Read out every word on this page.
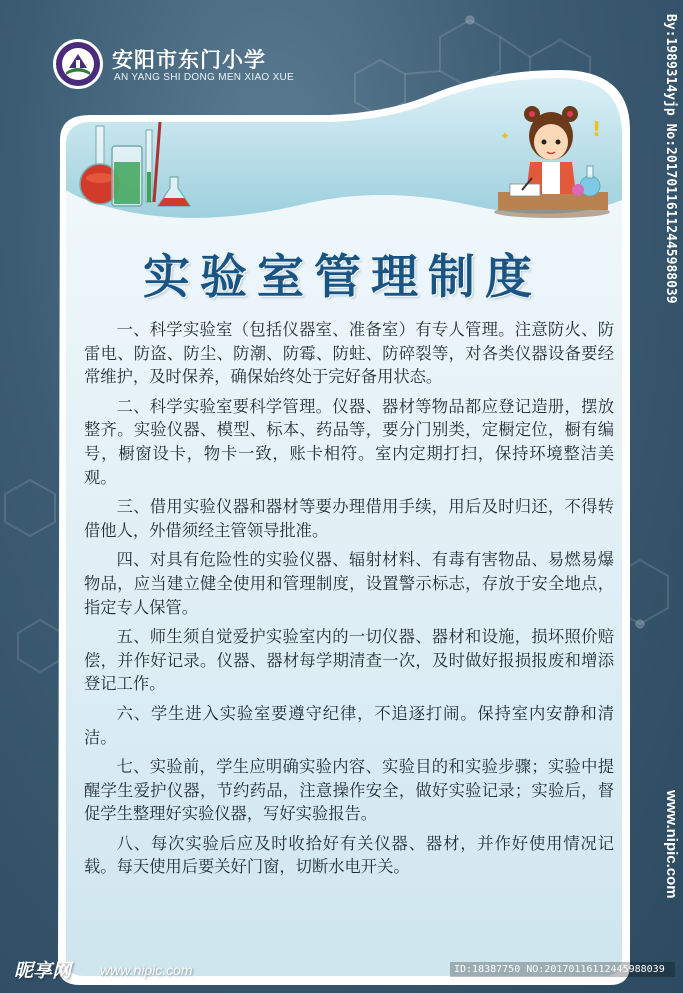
安阳市东门小学
AN YANG SHI DONG MEN XIAO XUE
!
✦
实验室管理制度

一、科学实验室（包括仪器室、准备室）有专人管理。注意防火、防雷电、防盗、防尘、防潮、防霉、防蛀、防碎裂等，对各类仪器设备要经常维护，及时保养，确保始终处于完好备用状态。

二、科学实验室要科学管理。仪器、器材等物品都应登记造册，摆放整齐。实验仪器、模型、标本、药品等，要分门别类，定橱定位，橱有编号，橱窗设卡，物卡一致，账卡相符。室内定期打扫，保持环境整洁美观。

三、借用实验仪器和器材等要办理借用手续，用后及时归还，不得转借他人，外借须经主管领导批准。

四、对具有危险性的实验仪器、辐射材料、有毒有害物品、易燃易爆物品，应当建立健全使用和管理制度，设置警示标志，存放于安全地点，指定专人保管。

五、师生须自觉爱护实验室内的一切仪器、器材和设施，损坏照价赔偿，并作好记录。仪器、器材每学期清查一次，及时做好报损报废和增添登记工作。

六、学生进入实验室要遵守纪律，不追逐打闹。保持室内安静和清洁。

七、实验前，学生应明确实验内容、实验目的和实验步骤；实验中提醒学生爱护仪器，节约药品，注意操作安全，做好实验记录；实验后，督促学生整理好实验仪器，写好实验报告。

八、每次实验后应及时收拾好有关仪器、器材，并作好使用情况记载。每天使用后要关好门窗，切断水电开关。

By:1989314yjp No:20170116112445988039
www.nipic.com
昵享网 www.nipic.com	ID:18387750 NO:20170116112445988039
